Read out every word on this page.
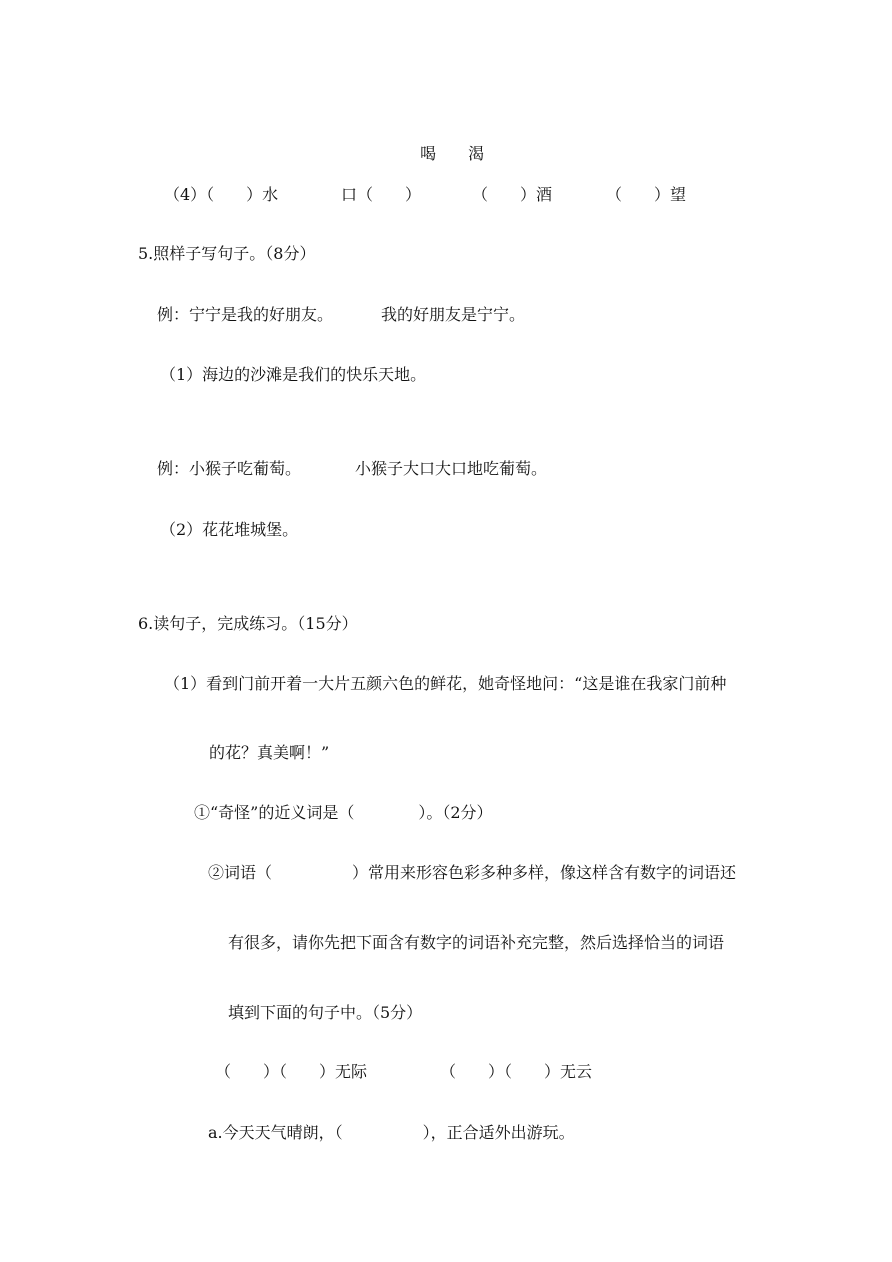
喝　　渴

（4）（　　）水

	口（　　）

	（　　）酒

	（　　）望

5.照样子写句子。（8分）

例：宁宁是我的好朋友。

	我的好朋友是宁宁。

（1）海边的沙滩是我们的快乐天地。

例：小猴子吃葡萄。

	小猴子大口大口地吃葡萄。

（2）花花堆城堡。

6.读句子，完成练习。（15分）

（1）看到门前开着一大片五颜六色的鲜花，她奇怪地问：“这是谁在我家门前种

的花？真美啊！”

①“奇怪”的近义词是（　　　　）。（2分）

②词语（　　　　　）常用来形容色彩多种多样，像这样含有数字的词语还

有很多，请你先把下面含有数字的词语补充完整，然后选择恰当的词语

填到下面的句子中。（5分）

（　　）（　　）无际

	（　　）（　　）无云

a.今天天气晴朗，（　　　　　），正合适外出游玩。
